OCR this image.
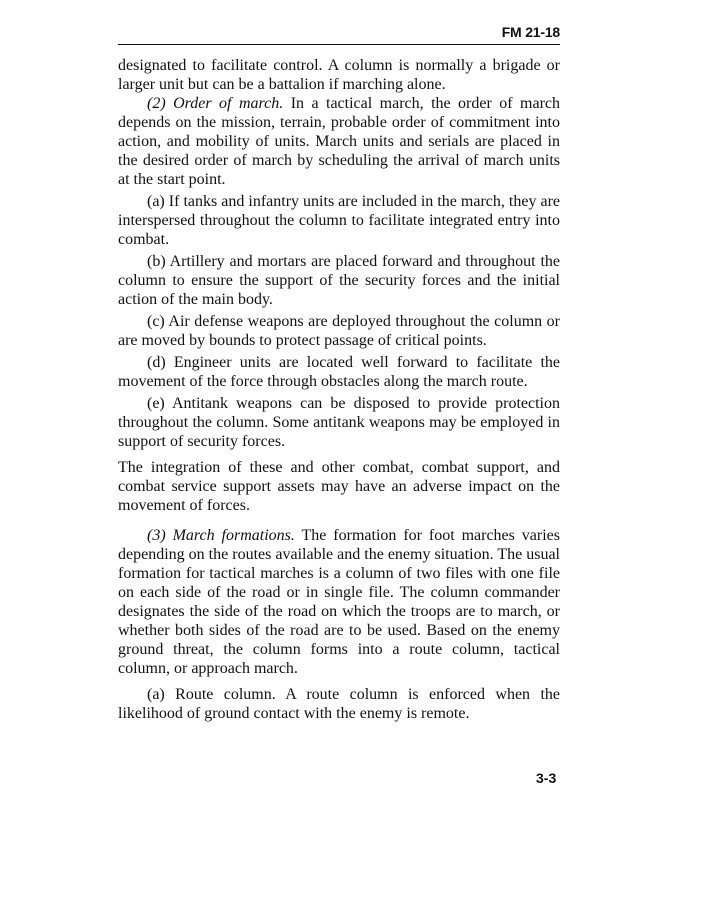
FM 21-18

designated to facilitate control. A column is normally a brigade or larger unit but can be a battalion if marching alone.

(2) Order of march. In a tactical march, the order of march depends on the mission, terrain, probable order of commitment into action, and mobility of units. March units and serials are placed in the desired order of march by scheduling the arrival of march units at the start point.

(a) If tanks and infantry units are included in the march, they are interspersed throughout the column to facilitate integrated entry into combat.

(b) Artillery and mortars are placed forward and throughout the column to ensure the support of the security forces and the initial action of the main body.

(c) Air defense weapons are deployed throughout the column or are moved by bounds to protect passage of critical points.

(d) Engineer units are located well forward to facilitate the movement of the force through obstacles along the march route.

(e) Antitank weapons can be disposed to provide protection throughout the column. Some antitank weapons may be employed in support of security forces.

The integration of these and other combat, combat support, and combat service support assets may have an adverse impact on the movement of forces.

(3) March formations. The formation for foot marches varies depending on the routes available and the enemy situation. The usual formation for tactical marches is a column of two files with one file on each side of the road or in single file. The column commander designates the side of the road on which the troops are to march, or whether both sides of the road are to be used. Based on the enemy ground threat, the column forms into a route column, tactical column, or approach march.

(a) Route column. A route column is enforced when the likelihood of ground contact with the enemy is remote.

3-3
